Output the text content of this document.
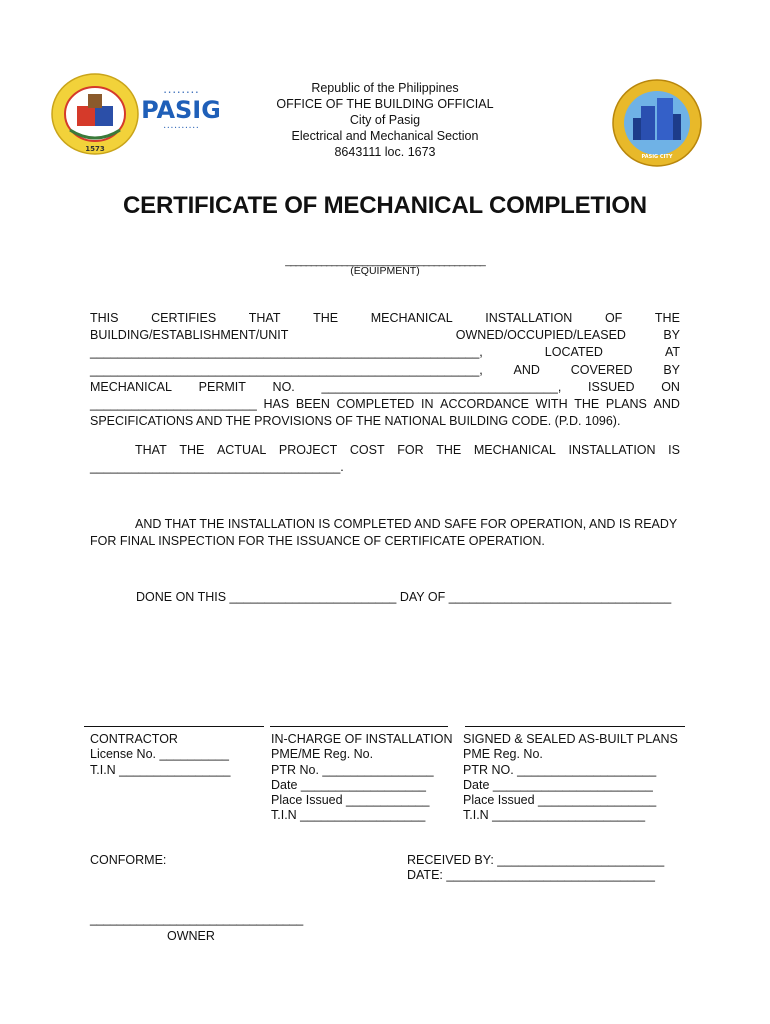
1573
• • • • • • • •
PASIG
• • • • • • • • • •
PASIG CITY
Republic of the Philippines
OFFICE OF THE BUILDING OFFICIAL
City of Pasig
Electrical and Mechanical Section
8643111 loc. 1673
CERTIFICATE OF MECHANICAL COMPLETION
_______________________________________
(EQUIPMENT)
THIS	CERTIFIES	THAT	THE	MECHANICAL	INSTALLATION	OF	THE
BUILDING/ESTABLISHMENT/UNIT	OWNED/OCCUPIED/LEASED	BY
________________________________________________________,	LOCATED	AT
________________________________________________________, AND COVERED BY
MECHANICAL PERMIT NO. __________________________________, ISSUED ON
________________________ HAS BEEN COMPLETED IN ACCORDANCE WITH THE PLANS AND
SPECIFICATIONS AND THE PROVISIONS OF THE NATIONAL BUILDING CODE. (P.D. 1096).
THAT THE ACTUAL PROJECT COST FOR THE MECHANICAL INSTALLATION IS
____________________________________.
AND THAT THE INSTALLATION IS COMPLETED AND SAFE FOR OPERATION, AND IS READY
FOR FINAL INSPECTION FOR THE ISSUANCE OF CERTIFICATE OPERATION.
DONE ON THIS ________________________ DAY OF ________________________________
CONTRACTOR
License No. __________
T.I.N ________________
IN-CHARGE OF INSTALLATION
PME/ME Reg. No.
PTR No. ________________
Date __________________
Place Issued ____________
T.I.N __________________
SIGNED & SEALED AS-BUILT PLANS
PME Reg. No.
PTR NO. ____________________
Date _______________________
Place Issued _________________
T.I.N ______________________
CONFORME:	RECEIVED BY: ________________________
DATE: ______________________________
________________________________
OWNER
